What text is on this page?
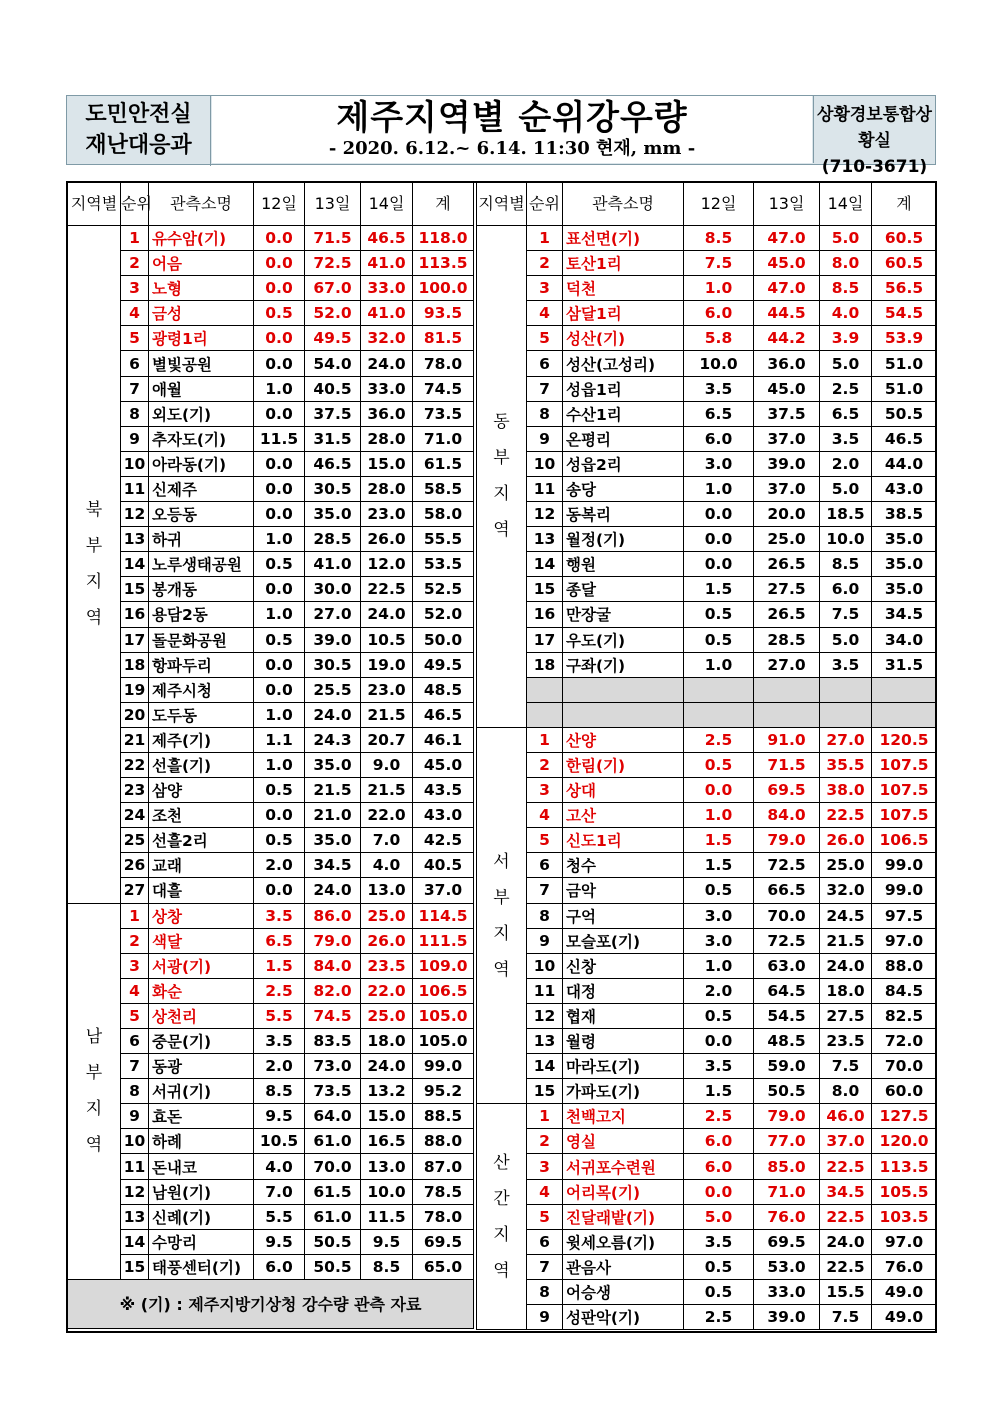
도민안전실
재난대응과
제주지역별 순위강우량
- 2020. 6.12.~ 6.14. 11:30 현재, mm -
상황경보통합상황실
(710-3671)
지역별	순위	관측소명	12일	13일	14일	계

북부지역	1	유수암(기)	0.0	71.5	46.5	118.0
	2	어음	0.0	72.5	41.0	113.5
	3	노형	0.0	67.0	33.0	100.0
	4	금성	0.5	52.0	41.0	93.5
	5	광령1리	0.0	49.5	32.0	81.5
	6	별빛공원	0.0	54.0	24.0	78.0
	7	애월	1.0	40.5	33.0	74.5
	8	외도(기)	0.0	37.5	36.0	73.5
	9	추자도(기)	11.5	31.5	28.0	71.0
	10	아라동(기)	0.0	46.5	15.0	61.5
	11	신제주	0.0	30.5	28.0	58.5
	12	오등동	0.0	35.0	23.0	58.0
	13	하귀	1.0	28.5	26.0	55.5
	14	노루생태공원	0.5	41.0	12.0	53.5
	15	봉개동	0.0	30.0	22.5	52.5
	16	용담2동	1.0	27.0	24.0	52.0
	17	돌문화공원	0.5	39.0	10.5	50.0
	18	항파두리	0.0	30.5	19.0	49.5
	19	제주시청	0.0	25.5	23.0	48.5
	20	도두동	1.0	24.0	21.5	46.5
	21	제주(기)	1.1	24.3	20.7	46.1
	22	선흘(기)	1.0	35.0	9.0	45.0
	23	삼양	0.5	21.5	21.5	43.5
	24	조천	0.0	21.0	22.0	43.0
	25	선흘2리	0.5	35.0	7.0	42.5
	26	교래	2.0	34.5	4.0	40.5
	27	대흘	0.0	24.0	13.0	37.0

남부지역	1	상창	3.5	86.0	25.0	114.5
	2	색달	6.5	79.0	26.0	111.5
	3	서광(기)	1.5	84.0	23.5	109.0
	4	화순	2.5	82.0	22.0	106.5
	5	상천리	5.5	74.5	25.0	105.0
	6	중문(기)	3.5	83.5	18.0	105.0
	7	동광	2.0	73.0	24.0	99.0
	8	서귀(기)	8.5	73.5	13.2	95.2
	9	효돈	9.5	64.0	15.0	88.5
	10	하례	10.5	61.0	16.5	88.0
	11	돈내코	4.0	70.0	13.0	87.0
	12	남원(기)	7.0	61.5	10.0	78.5
	13	신례(기)	5.5	61.0	11.5	78.0
	14	수망리	9.5	50.5	9.5	69.5
	15	태풍센터(기)	6.0	50.5	8.5	65.0
※ (기) : 제주지방기상청 강수량 관측 자료						
지역별	순위	관측소명	12일	13일	14일	계

동부지역	1	표선면(기)	8.5	47.0	5.0	60.5
	2	토산1리	7.5	45.0	8.0	60.5
	3	덕천	1.0	47.0	8.5	56.5
	4	삼달1리	6.0	44.5	4.0	54.5
	5	성산(기)	5.8	44.2	3.9	53.9
	6	성산(고성리)	10.0	36.0	5.0	51.0
	7	성읍1리	3.5	45.0	2.5	51.0
	8	수산1리	6.5	37.5	6.5	50.5
	9	온평리	6.0	37.0	3.5	46.5
	10	성읍2리	3.0	39.0	2.0	44.0
	11	송당	1.0	37.0	5.0	43.0
	12	동복리	0.0	20.0	18.5	38.5
	13	월정(기)	0.0	25.0	10.0	35.0
	14	행원	0.0	26.5	8.5	35.0
	15	종달	1.5	27.5	6.0	35.0
	16	만장굴	0.5	26.5	7.5	34.5
	17	우도(기)	0.5	28.5	5.0	34.0
	18	구좌(기)	1.0	27.0	3.5	31.5

서부지역	1	산양	2.5	91.0	27.0	120.5
	2	한림(기)	0.5	71.5	35.5	107.5
	3	상대	0.0	69.5	38.0	107.5
	4	고산	1.0	84.0	22.5	107.5
	5	신도1리	1.5	79.0	26.0	106.5
	6	청수	1.5	72.5	25.0	99.0
	7	금악	0.5	66.5	32.0	99.0
	8	구억	3.0	70.0	24.5	97.5
	9	모슬포(기)	3.0	72.5	21.5	97.0
	10	신창	1.0	63.0	24.0	88.0
	11	대정	2.0	64.5	18.0	84.5
	12	협재	0.5	54.5	27.5	82.5
	13	월령	0.0	48.5	23.5	72.0
	14	마라도(기)	3.5	59.0	7.5	70.0
	15	가파도(기)	1.5	50.5	8.0	60.0

산간지역	1	천백고지	2.5	79.0	46.0	127.5
	2	영실	6.0	77.0	37.0	120.0
	3	서귀포수련원	6.0	85.0	22.5	113.5
	4	어리목(기)	0.0	71.0	34.5	105.5
	5	진달래밭(기)	5.0	76.0	22.5	103.5
	6	윗세오름(기)	3.5	69.5	24.0	97.0
	7	관음사	0.5	53.0	22.5	76.0
	8	어승생	0.5	33.0	15.5	49.0
	9	성판악(기)	2.5	39.0	7.5	49.0
